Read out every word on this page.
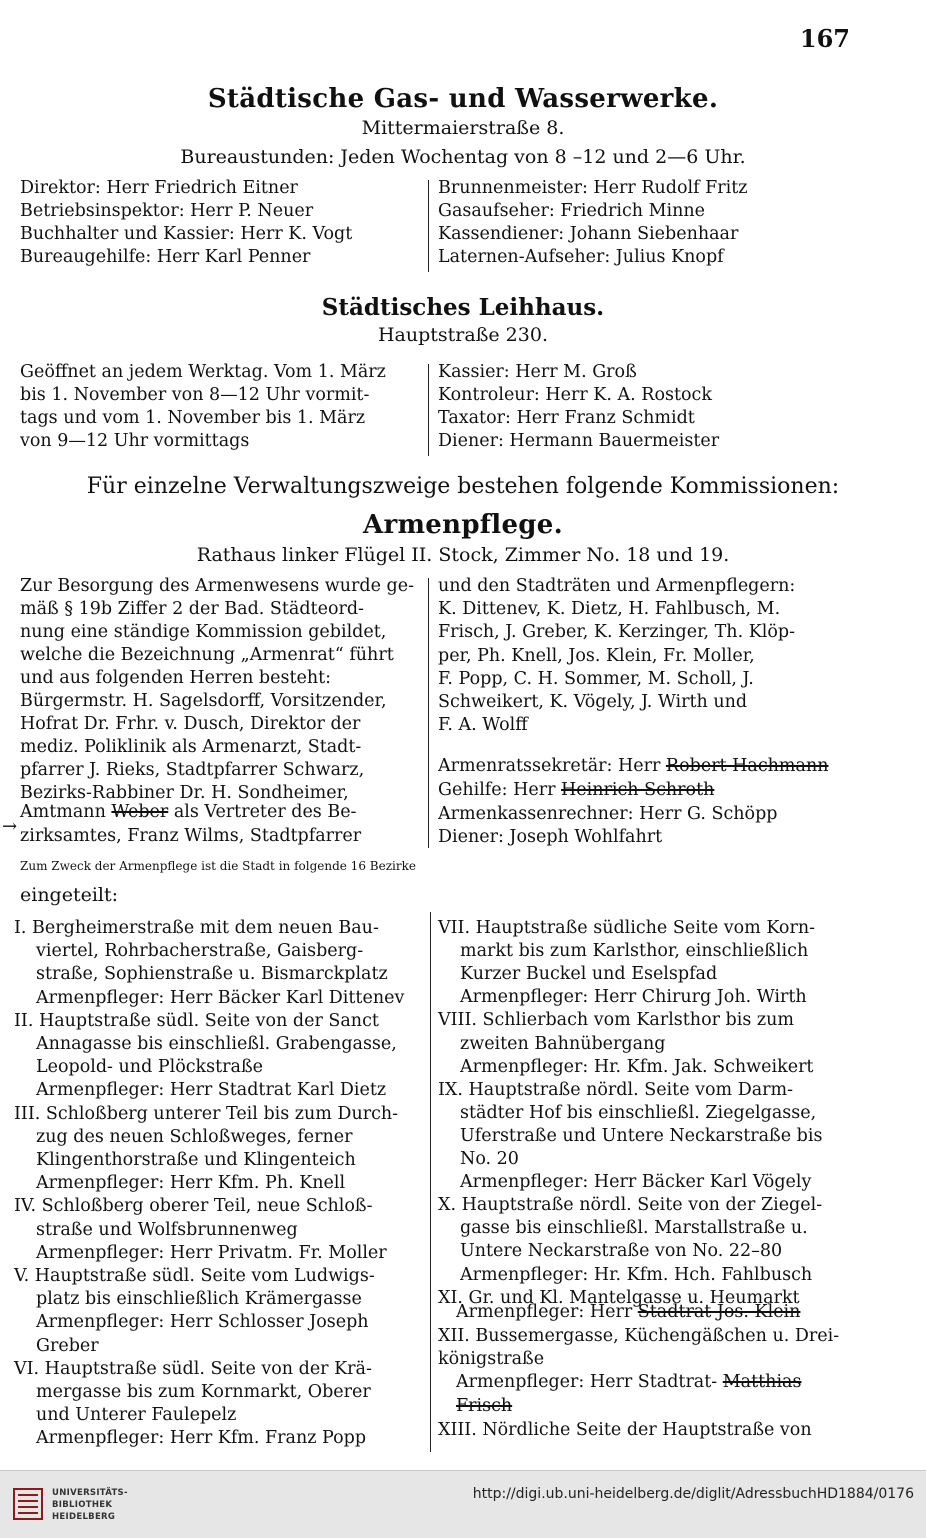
167
Städtische Gas- und Wasserwerke.
Mittermaierstraße 8.
Bureaustunden: Jeden Wochentag von 8 –12 und 2—6 Uhr.
Direktor: Herr Friedrich Eitner
Betriebsinspektor: Herr P. Neuer
Buchhalter und Kassier: Herr K. Vogt
Bureaugehilfe: Herr Karl Penner
Brunnenmeister: Herr Rudolf Fritz
Gasaufseher: Friedrich Minne
Kassendiener: Johann Siebenhaar
Laternen-Aufseher: Julius Knopf
Städtisches Leihhaus.
Hauptstraße 230.
Geöffnet an jedem Werktag. Vom 1. März
bis 1. November von 8—12 Uhr vormit-
tags und vom 1. November bis 1. März
von 9—12 Uhr vormittags
Kassier: Herr M. Groß
Kontroleur: Herr K. A. Rostock
Taxator: Herr Franz Schmidt
Diener: Hermann Bauermeister
Für einzelne Verwaltungszweige bestehen folgende Kommissionen:
Armenpflege.
Rathaus linker Flügel II. Stock, Zimmer No. 18 und 19.
Zur Besorgung des Armenwesens wurde ge-
mäß § 19b Ziffer 2 der Bad. Städteord-
nung eine ständige Kommission gebildet,
welche die Bezeichnung „Armenrat“ führt
und aus folgenden Herren besteht:
Bürgermstr. H. Sagelsdorff, Vorsitzender,
Hofrat Dr. Frhr. v. Dusch, Direktor der
mediz. Poliklinik als Armenarzt, Stadt-
pfarrer J. Rieks, Stadtpfarrer Schwarz,
Bezirks-Rabbiner Dr. H. Sondheimer,
Amtmann Weber als Vertreter des Be-
zirksamtes, Franz Wilms, Stadtpfarrer
→
und den Stadträten und Armenpflegern:
K. Dittenev, K. Dietz, H. Fahlbusch, M.
Frisch, J. Greber, K. Kerzinger, Th. Klöp-
per, Ph. Knell, Jos. Klein, Fr. Moller,
F. Popp, C. H. Sommer, M. Scholl, J.
Schweikert, K. Vögely, J. Wirth und
F. A. Wolff
Armenratssekretär: Herr Robert Hachmann
Gehilfe: Herr Heinrich Schroth
Armenkassenrechner: Herr G. Schöpp
Diener: Joseph Wohlfahrt
Zum Zweck der Armenpflege ist die Stadt in folgende 16 Bezirke
eingeteilt:
I. Bergheimerstraße mit dem neuen Bau-
viertel, Rohrbacherstraße, Gaisberg-
straße, Sophienstraße u. Bismarckplatz
Armenpfleger: Herr Bäcker Karl Dittenev
II. Hauptstraße südl. Seite von der Sanct
Annagasse bis einschließl. Grabengasse,
Leopold- und Plöckstraße
Armenpfleger: Herr Stadtrat Karl Dietz
III. Schloßberg unterer Teil bis zum Durch-
zug des neuen Schloßweges, ferner
Klingenthorstraße und Klingenteich
Armenpfleger: Herr Kfm. Ph. Knell
IV. Schloßberg oberer Teil, neue Schloß-
straße und Wolfsbrunnenweg
Armenpfleger: Herr Privatm. Fr. Moller
V. Hauptstraße südl. Seite vom Ludwigs-
platz bis einschließlich Krämergasse
Armenpfleger: Herr Schlosser Joseph
Greber
VI. Hauptstraße südl. Seite von der Krä-
mergasse bis zum Kornmarkt, Oberer
und Unterer Faulepelz
Armenpfleger: Herr Kfm. Franz Popp
VII. Hauptstraße südliche Seite vom Korn-
markt bis zum Karlsthor, einschließlich
Kurzer Buckel und Eselspfad
Armenpfleger: Herr Chirurg Joh. Wirth
VIII. Schlierbach vom Karlsthor bis zum
zweiten Bahnübergang
Armenpfleger: Hr. Kfm. Jak. Schweikert
IX. Hauptstraße nördl. Seite vom Darm-
städter Hof bis einschließl. Ziegelgasse,
Uferstraße und Untere Neckarstraße bis
No. 20
Armenpfleger: Herr Bäcker Karl Vögely
X. Hauptstraße nördl. Seite von der Ziegel-
gasse bis einschließl. Marstallstraße u.
Untere Neckarstraße von No. 22–80
Armenpfleger: Hr. Kfm. Hch. Fahlbusch
XI. Gr. und Kl. Mantelgasse u. Heumarkt
Armenpfleger: Herr Stadtrat Jos. Klein
XII. Bussemergasse, Küchengäßchen u. Drei-
königstraße
Armenpfleger: Herr Stadtrat- Matthias
Frisch
XIII. Nördliche Seite der Hauptstraße von
UNIVERSITÄTS-
BIBLIOTHEK
HEIDELBERG
http://digi.ub.uni-heidelberg.de/diglit/AdressbuchHD1884/0176
